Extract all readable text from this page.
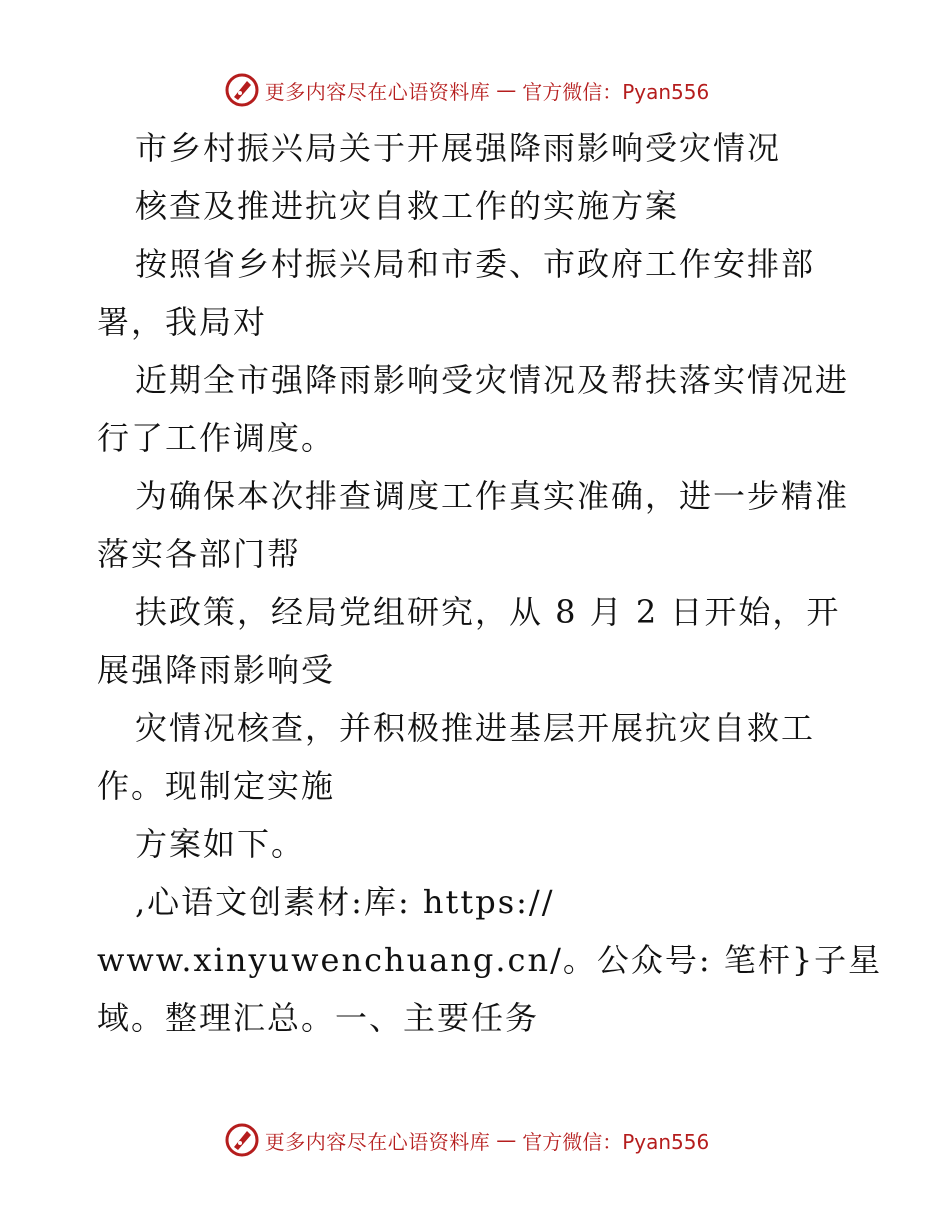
更多内容尽在心语资料库 — 官方微信：Pyan556
市乡村振兴局关于开展强降雨影响受灾情况
核查及推进抗灾自救工作的实施方案
按照省乡村振兴局和市委、市政府工作安排部
署，我局对
近期全市强降雨影响受灾情况及帮扶落实情况进
行了工作调度。
为确保本次排查调度工作真实准确，进一步精准
落实各部门帮
扶政策，经局党组研究，从 8 月 2 日开始，开
展强降雨影响受
灾情况核查，并积极推进基层开展抗灾自救工
作。现制定实施
方案如下。
,心语文创素材:库: https://
www.xinyuwenchuang.cn/。公众号: 笔杆}子星
域。整理汇总。一、主要任务
更多内容尽在心语资料库 — 官方微信：Pyan556
